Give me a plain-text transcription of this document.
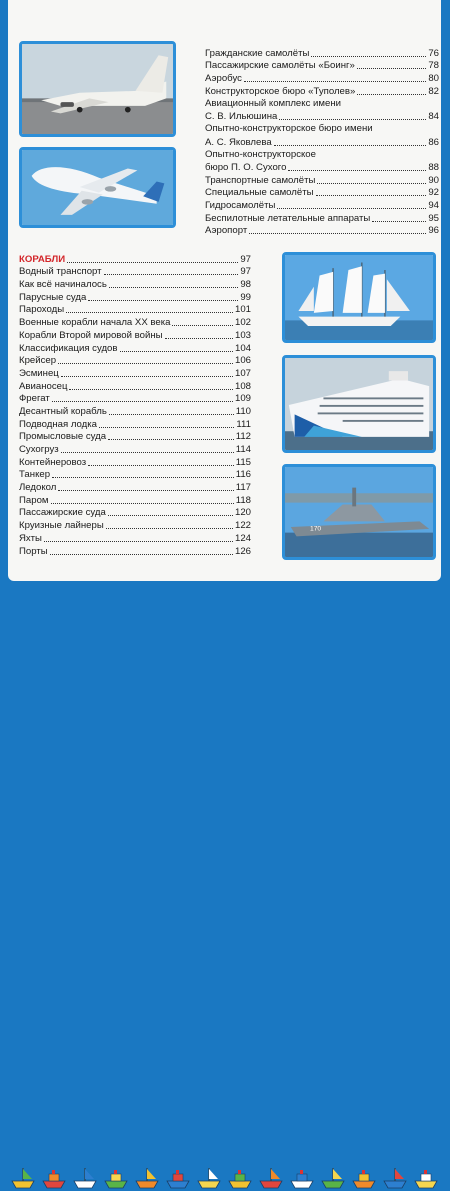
170
Гражданские самолёты	76
Пассажирские самолёты «Боинг»	78
Аэробус	80
Конструкторское бюро «Туполев»	82
Авиационный комплекс имени
С. В. Ильюшина	84
Опытно-конструкторское бюро имени
А. С. Яковлева	86
Опытно-конструкторское
бюро П. О. Сухого	88
Транспортные самолёты	90
Специальные самолёты	92
Гидросамолёты	94
Беспилотные летательные аппараты	95
Аэропорт	96
КОРАБЛИ	97
Водный транспорт	97
Как всё начиналось	98
Парусные суда	99
Пароходы	101
Военные корабли начала XX века	102
Корабли Второй мировой войны	103
Классификация судов	104
Крейсер	106
Эсминец	107
Авианосец	108
Фрегат	109
Десантный корабль	110
Подводная лодка	111
Промысловые суда	112
Сухогруз	114
Контейнеровоз	115
Танкер	116
Ледокол	117
Паром	118
Пассажирские суда	120
Круизные лайнеры	122
Яхты	124
Порты	126
